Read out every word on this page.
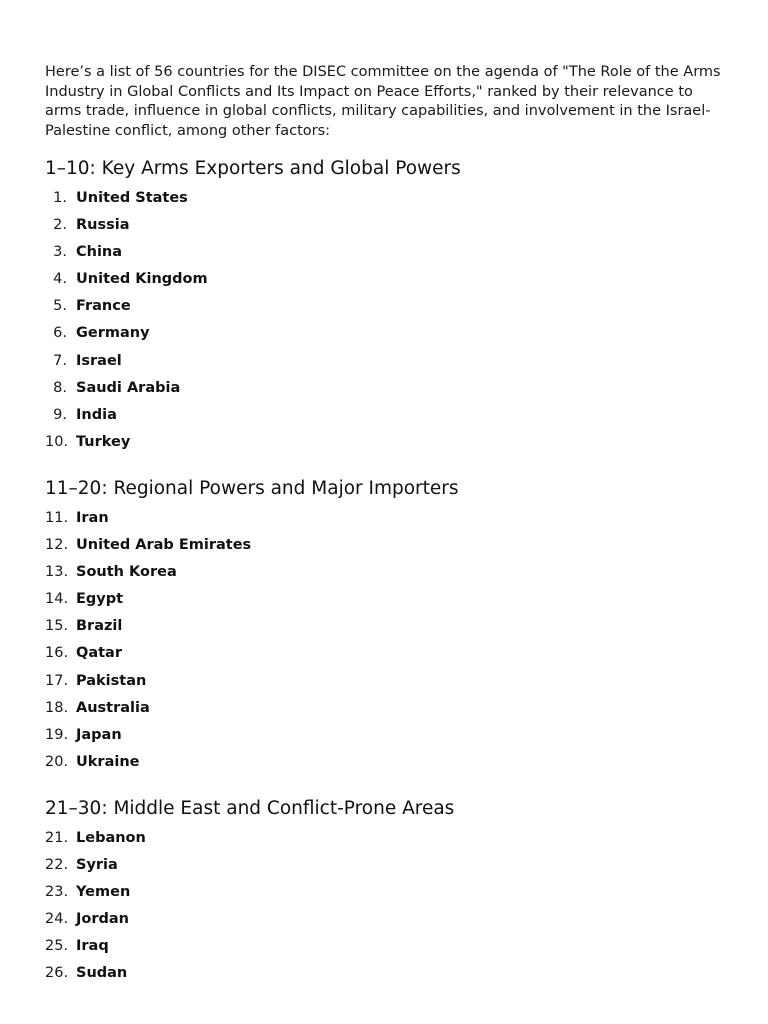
Here’s a list of 56 countries for the DISEC committee on the agenda of "The Role of the Arms Industry in Global Conflicts and Its Impact on Peace Efforts," ranked by their relevance to arms trade, influence in global conflicts, military capabilities, and involvement in the Israel-Palestine conflict, among other factors:

1–10: Key Arms Exporters and Global Powers
1. United States
2. Russia
3. China
4. United Kingdom
5. France
6. Germany
7. Israel
8. Saudi Arabia
9. India
10. Turkey
11–20: Regional Powers and Major Importers
11. Iran
12. United Arab Emirates
13. South Korea
14. Egypt
15. Brazil
16. Qatar
17. Pakistan
18. Australia
19. Japan
20. Ukraine
21–30: Middle East and Conflict-Prone Areas
21. Lebanon
22. Syria
23. Yemen
24. Jordan
25. Iraq
26. Sudan
